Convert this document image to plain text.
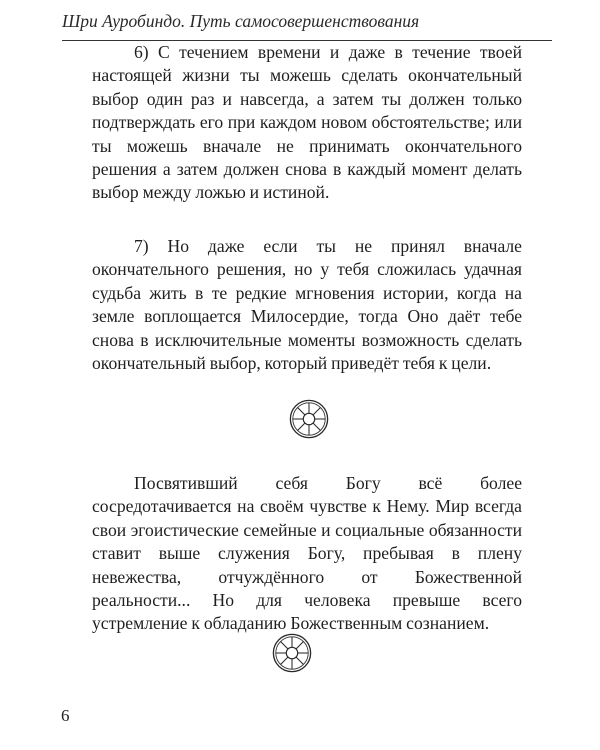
Шри Ауробиндо. Путь самосовершенствования

6) С течением времени и даже в течение твоей настоящей жизни ты можешь сделать окончательный выбор один раз и навсегда, а затем ты должен только подтверждать его при каждом новом обстоятельстве; или ты можешь вначале не принимать окончательного решения а затем должен снова в каждый момент делать выбор между ложью и истиной.

7) Но даже если ты не принял вначале окончательного решения, но у тебя сложилась удачная судьба жить в те редкие мгновения истории, когда на земле воплощается Милосердие, тогда Оно даёт тебе снова в исключительные моменты возможность сделать окончательный выбор, который приведёт тебя к цели.

Посвятивший себя Богу всё более сосредотачивается на своём чувстве к Нему. Мир всегда свои эгоистические семейные и социальные обязанности ставит выше служения Богу, пребывая в плену невежества, отчуждённого от Божественной реальности... Но для человека превыше всего устремление к обладанию Божественным сознанием.

6
